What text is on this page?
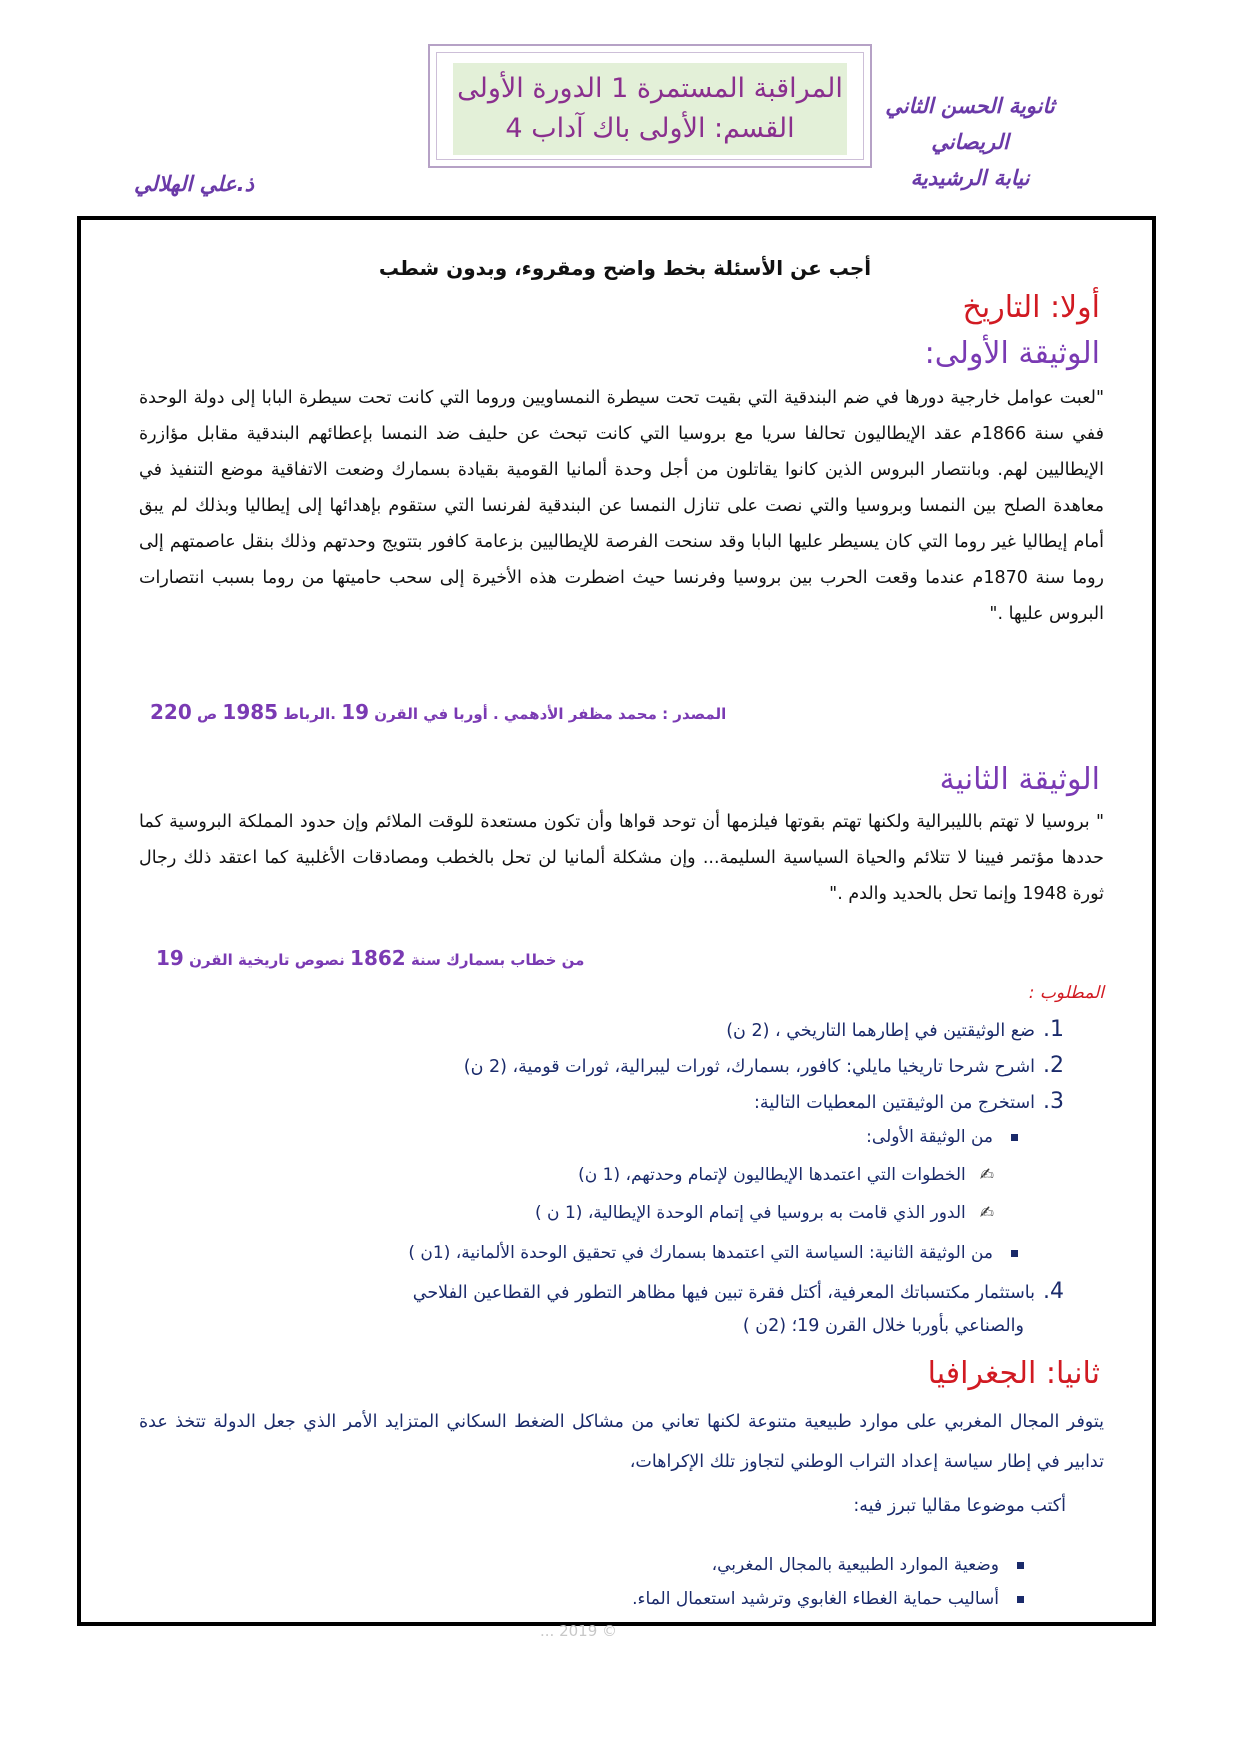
المراقبة المستمرة 1 الدورة الأولى
القسم: الأولى باك آداب 4
ثانوية الحسن الثاني
الريصاني
نيابة الرشيدية
ذ.علي الهلالي
أجب عن الأسئلة بخط واضح ومقروء، وبدون شطب
أولا: التاريخ
الوثيقة الأولى:
"لعبت عوامل خارجية دورها في ضم البندقية التي بقيت تحت سيطرة النمساويين وروما التي كانت تحت سيطرة البابا إلى دولة الوحدة ففي سنة 1866م عقد الإيطاليون تحالفا سريا مع بروسيا التي كانت تبحث عن حليف ضد النمسا بإعطائهم البندقية مقابل مؤازرة الإيطاليين لهم. وبانتصار البروس الذين كانوا يقاتلون من أجل وحدة ألمانيا القومية بقيادة بسمارك وضعت الاتفاقية موضع التنفيذ في معاهدة الصلح بين النمسا وبروسيا والتي نصت على تنازل النمسا عن البندقية لفرنسا التي ستقوم بإهدائها إلى إيطاليا وبذلك لم يبق أمام إيطاليا غير روما التي كان يسيطر عليها البابا وقد سنحت الفرصة للإيطاليين بزعامة كافور بتتويج وحدتهم وذلك بنقل عاصمتهم إلى روما سنة 1870م عندما وقعت الحرب بين بروسيا وفرنسا حيث اضطرت هذه الأخيرة إلى سحب حاميتها من روما بسبب انتصارات البروس عليها ."
المصدر : محمد مظفر الأدهمي . أوربا في القرن 19 .الرباط 1985 ص 220
الوثيقة الثانية
" بروسيا لا تهتم بالليبرالية ولكنها تهتم بقوتها فيلزمها أن توحد قواها وأن تكون مستعدة للوقت الملائم وإن حدود المملكة البروسية كما حددها مؤتمر فيينا لا تتلائم والحياة السياسية السليمة... وإن مشكلة ألمانيا لن تحل بالخطب ومصادقات الأغلبية كما اعتقد ذلك رجال ثورة 1948 وإنما تحل بالحديد والدم ."
من خطاب بسمارك سنة 1862 نصوص تاريخية القرن 19
المطلوب :
1.ضع الوثيقتين في إطارهما التاريخي ، (2 ن)
2.اشرح شرحا تاريخيا مايلي: كافور، بسمارك، ثورات ليبرالية، ثورات قومية، (2 ن)
3.استخرج من الوثيقتين المعطيات التالية:
من الوثيقة الأولى:
✍الخطوات التي اعتمدها الإيطاليون لإتمام وحدتهم، (1 ن)
✍الدور الذي قامت به بروسيا في إتمام الوحدة الإيطالية، (1 ن )
من الوثيقة الثانية: السياسة التي اعتمدها بسمارك في تحقيق الوحدة الألمانية، (1ن )
4.باستثمار مكتسباتك المعرفية، أكتل فقرة تبين فيها مظاهر التطور في القطاعين الفلاحي
والصناعي بأوربا خلال القرن 19؛ (2ن )
ثانيا: الجغرافيا
يتوفر المجال المغربي على موارد طبيعية متنوعة لكنها تعاني من مشاكل الضغط السكاني المتزايد الأمر الذي جعل الدولة تتخذ عدة تدابير في إطار سياسة إعداد التراب الوطني لتجاوز تلك الإكراهات،
أكتب موضوعا مقاليا تبرز فيه:
وضعية الموارد الطبيعية بالمجال المغربي،
أساليب حماية الغطاء الغابوي وترشيد استعمال الماء.
© 2019 ...
